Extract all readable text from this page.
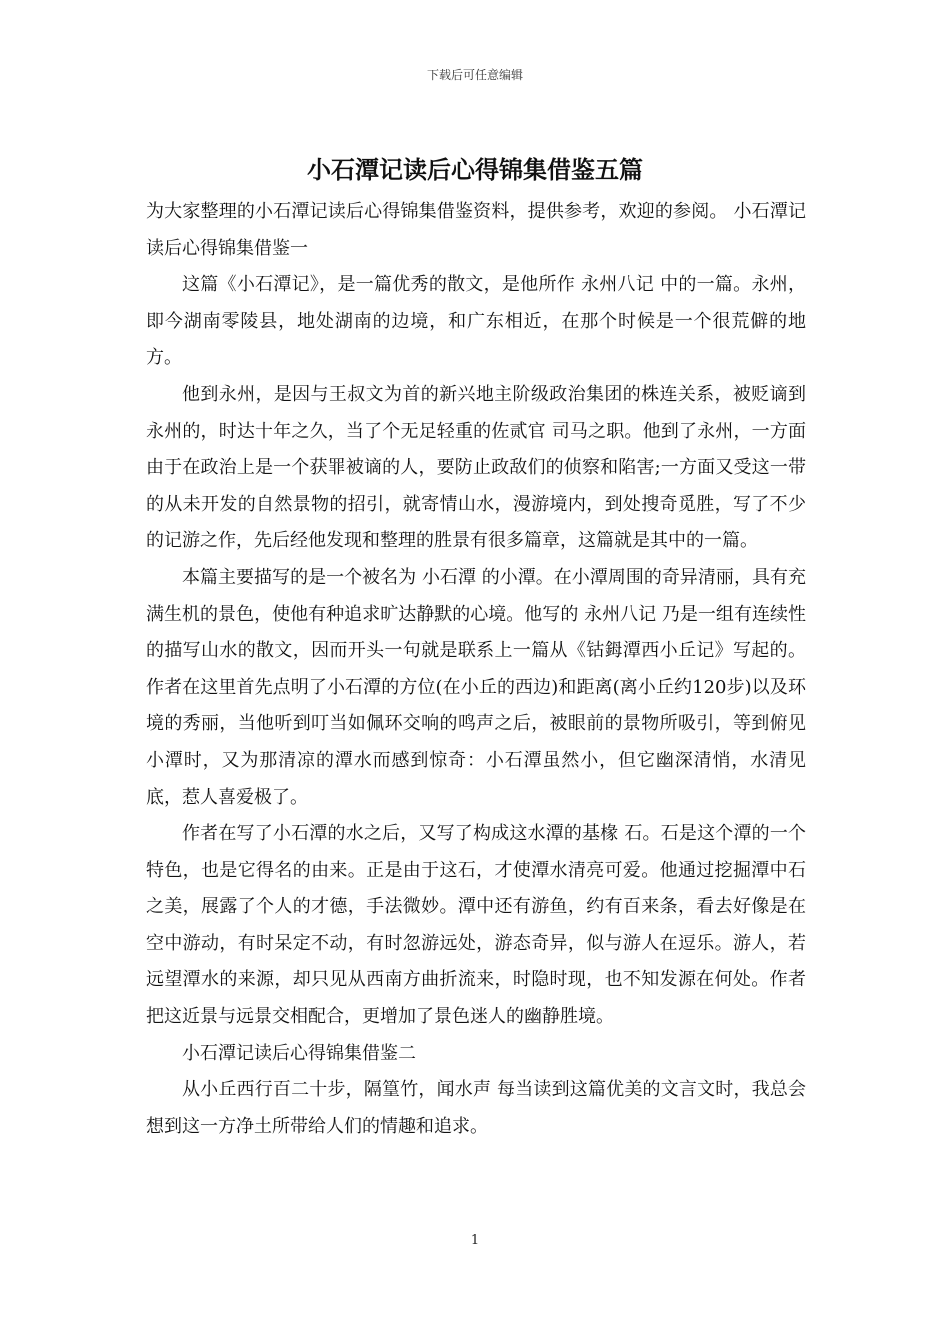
下载后可任意编辑
小石潭记读后心得锦集借鉴五篇

为大家整理的小石潭记读后心得锦集借鉴资料，提供参考，欢迎的参阅。 小石潭记读后心得锦集借鉴一

这篇《小石潭记》，是一篇优秀的散文，是他所作 永州八记 中的一篇。永州，即今湖南零陵县，地处湖南的边境，和广东相近，在那个时候是一个很荒僻的地方。

他到永州，是因与王叔文为首的新兴地主阶级政治集团的株连关系，被贬谪到永州的，时达十年之久，当了个无足轻重的佐贰官 司马之职。他到了永州，一方面由于在政治上是一个获罪被谪的人，要防止政敌们的侦察和陷害;一方面又受这一带的从未开发的自然景物的招引，就寄情山水，漫游境内，到处搜奇觅胜，写了不少的记游之作，先后经他发现和整理的胜景有很多篇章，这篇就是其中的一篇。

本篇主要描写的是一个被名为 小石潭 的小潭。在小潭周围的奇异清丽，具有充满生机的景色，使他有种追求旷达静默的心境。他写的 永州八记 乃是一组有连续性的描写山水的散文，因而开头一句就是联系上一篇从《钴鉧潭西小丘记》写起的。作者在这里首先点明了小石潭的方位(在小丘的西边)和距离(离小丘约120步)以及环境的秀丽，当他听到叮当如佩环交响的鸣声之后，被眼前的景物所吸引，等到俯见小潭时，又为那清凉的潭水而感到惊奇：小石潭虽然小，但它幽深清悄，水清见底，惹人喜爱极了。

作者在写了小石潭的水之后，又写了构成这水潭的基椽 石。石是这个潭的一个特色，也是它得名的由来。正是由于这石，才使潭水清亮可爱。他通过挖掘潭中石之美，展露了个人的才德，手法微妙。潭中还有游鱼，约有百来条，看去好像是在空中游动，有时呆定不动，有时忽游远处，游态奇异，似与游人在逗乐。游人，若远望潭水的来源，却只见从西南方曲折流来，时隐时现，也不知发源在何处。作者把这近景与远景交相配合，更增加了景色迷人的幽静胜境。

小石潭记读后心得锦集借鉴二

从小丘西行百二十步，隔篁竹，闻水声 每当读到这篇优美的文言文时，我总会想到这一方净土所带给人们的情趣和追求。

1
